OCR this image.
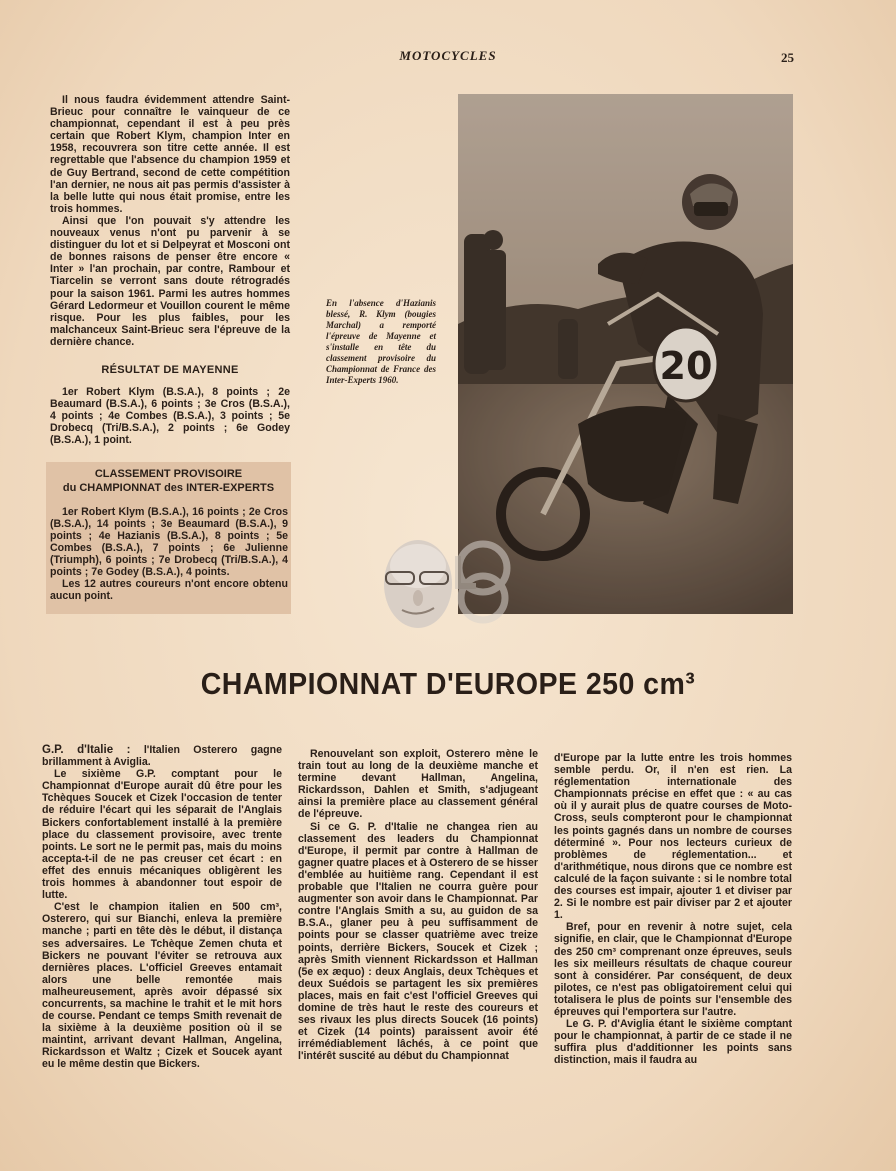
MOTOCYCLES	25

Il nous faudra évidemment attendre Saint-Brieuc pour connaître le vainqueur de ce championnat, cependant il est à peu près certain que Robert Klym, champion Inter en 1958, recouvrera son titre cette année. Il est regrettable que l'absence du champion 1959 et de Guy Bertrand, second de cette compétition l'an dernier, ne nous ait pas permis d'assister à la belle lutte qui nous était promise, entre les trois hommes.

Ainsi que l'on pouvait s'y attendre les nouveaux venus n'ont pu parvenir à se distinguer du lot et si Delpeyrat et Mosconi ont de bonnes raisons de penser être encore « Inter » l'an prochain, par contre, Rambour et Tiarcelin se verront sans doute rétrogradés pour la saison 1961. Parmi les autres hommes Gérard Ledormeur et Vouillon courent le même risque. Pour les plus faibles, pour les malchanceux Saint-Brieuc sera l'épreuve de la dernière chance.

RÉSULTAT DE MAYENNE

1er Robert Klym (B.S.A.), 8 points ; 2e Beaumard (B.S.A.), 6 points ; 3e Cros (B.S.A.), 4 points ; 4e Combes (B.S.A.), 3 points ; 5e Drobecq (Tri/B.S.A.), 2 points ; 6e Godey (B.S.A.), 1 point.

CLASSEMENT PROVISOIRE
du CHAMPIONNAT des INTER-EXPERTS

1er Robert Klym (B.S.A.), 16 points ; 2e Cros (B.S.A.), 14 points ; 3e Beaumard (B.S.A.), 9 points ; 4e Hazianis (B.S.A.), 8 points ; 5e Combes (B.S.A.), 7 points ; 6e Julienne (Triumph), 6 points ; 7e Drobecq (Tri/B.S.A.), 4 points ; 7e Godey (B.S.A.), 4 points.

Les 12 autres coureurs n'ont encore obtenu aucun point.

En l'absence d'Hazianis blessé, R. Klym (bougies Marchal) a remporté l'épreuve de Mayenne et s'installe en tête du classement provisoire du Championnat de France des Inter-Experts 1960.	20
CHAMPIONNAT D'EUROPE 250 cm³

G.P. d'Italie : l'Italien Osterero gagne brillamment à Aviglia.

Le sixième G.P. comptant pour le Championnat d'Europe aurait dû être pour les Tchèques Soucek et Cizek l'occasion de tenter de réduire l'écart qui les séparait de l'Anglais Bickers confortablement installé à la première place du classement provisoire, avec trente points. Le sort ne le permit pas, mais du moins accepta-t-il de ne pas creuser cet écart : en effet des ennuis mécaniques obligèrent les trois hommes à abandonner tout espoir de lutte.

C'est le champion italien en 500 cm³, Osterero, qui sur Bianchi, enleva la première manche ; parti en tête dès le début, il distança ses adversaires. Le Tchèque Zemen chuta et Bickers ne pouvant l'éviter se retrouva aux dernières places. L'officiel Greeves entamait alors une belle remontée mais malheureusement, après avoir dépassé six concurrents, sa machine le trahit et le mit hors de course. Pendant ce temps Smith revenait de la sixième à la deuxième position où il se maintint, arrivant devant Hallman, Angelina, Rickardsson et Waltz ; Cizek et Soucek ayant eu le même destin que Bickers.

Renouvelant son exploit, Osterero mène le train tout au long de la deuxième manche et termine devant Hallman, Angelina, Rickardsson, Dahlen et Smith, s'adjugeant ainsi la première place au classement général de l'épreuve.

Si ce G. P. d'Italie ne changea rien au classement des leaders du Championnat d'Europe, il permit par contre à Hallman de gagner quatre places et à Osterero de se hisser d'emblée au huitième rang. Cependant il est probable que l'Italien ne courra guère pour augmenter son avoir dans le Championnat. Par contre l'Anglais Smith a su, au guidon de sa B.S.A., glaner peu à peu suffisamment de points pour se classer quatrième avec treize points, derrière Bickers, Soucek et Cizek ; après Smith viennent Rickardsson et Hallman (5e ex æquo) : deux Anglais, deux Tchèques et deux Suédois se partagent les six premières places, mais en fait c'est l'officiel Greeves qui domine de très haut le reste des coureurs et ses rivaux les plus directs Soucek (16 points) et Cizek (14 points) paraissent avoir été irrémédiablement lâchés, à ce point que l'intérêt suscité au début du Championnat

d'Europe par la lutte entre les trois hommes semble perdu. Or, il n'en est rien. La réglementation internationale des Championnats précise en effet que : « au cas où il y aurait plus de quatre courses de Moto-Cross, seuls compteront pour le championnat les points gagnés dans un nombre de courses déterminé ». Pour nos lecteurs curieux de problèmes de réglementation... et d'arithmétique, nous dirons que ce nombre est calculé de la façon suivante : si le nombre total des courses est impair, ajouter 1 et diviser par 2. Si le nombre est pair diviser par 2 et ajouter 1.

Bref, pour en revenir à notre sujet, cela signifie, en clair, que le Championnat d'Europe des 250 cm³ comprenant onze épreuves, seuls les six meilleurs résultats de chaque coureur sont à considérer. Par conséquent, de deux pilotes, ce n'est pas obligatoirement celui qui totalisera le plus de points sur l'ensemble des épreuves qui l'emportera sur l'autre.

Le G. P. d'Aviglia étant le sixième comptant pour le championnat, à partir de ce stade il ne suffira plus d'additionner les points sans distinction, mais il faudra au
